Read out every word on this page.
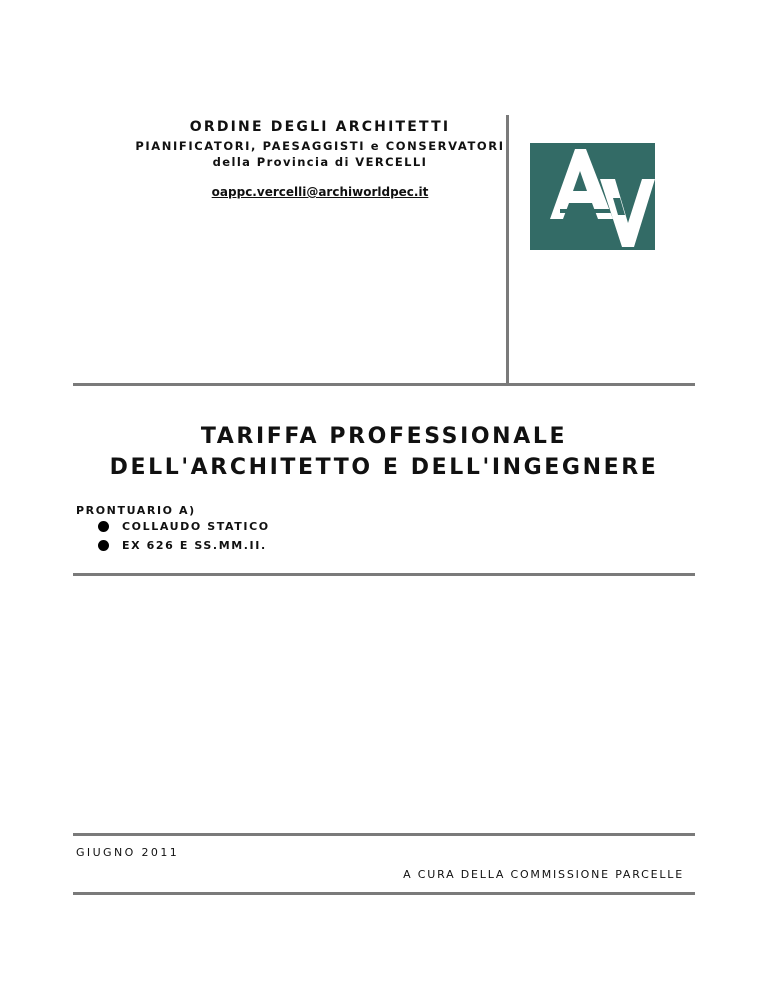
ORDINE DEGLI ARCHITETTI

PIANIFICATORI, PAESAGGISTI e CONSERVATORI

della Provincia di VERCELLI

oappc.vercelli@archiworldpec.it
TARIFFA PROFESSIONALE
DELL'ARCHITETTO E DELL'INGEGNERE
PRONTUARIO A)
COLLAUDO STATICO
EX 626 E SS.MM.II.
GIUGNO 2011
A CURA DELLA COMMISSIONE PARCELLE
